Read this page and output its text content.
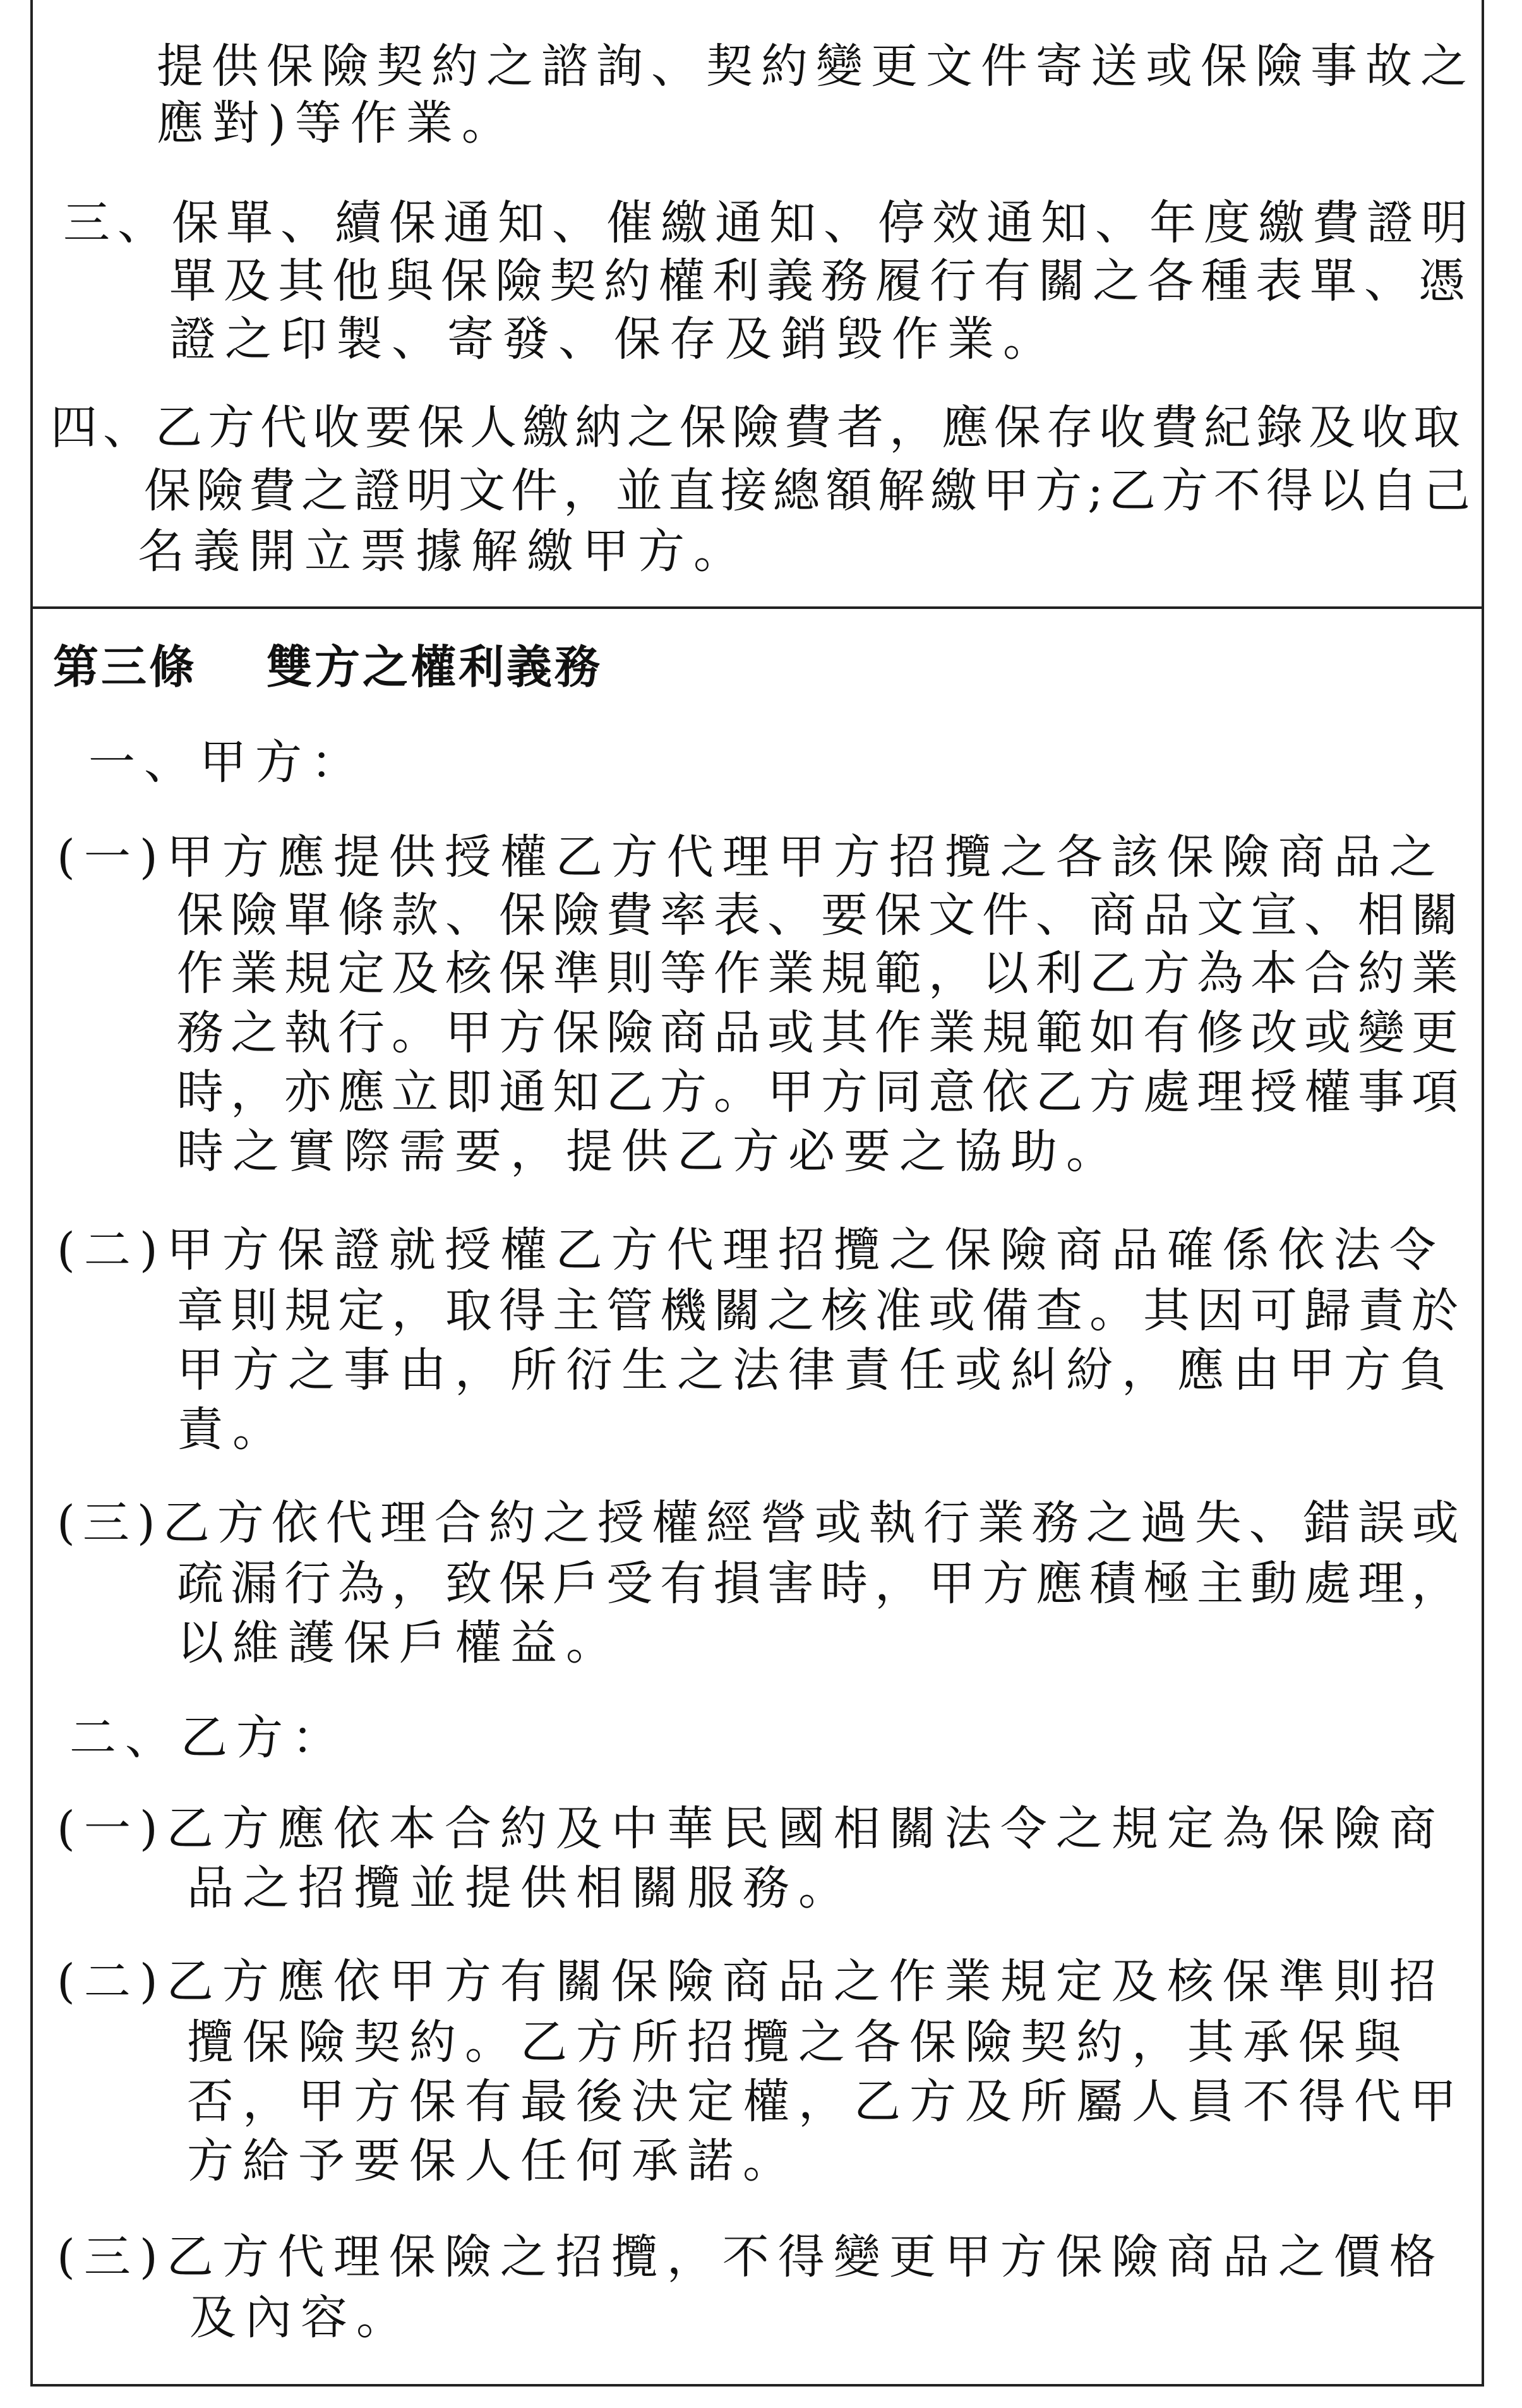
提供保險契約之諮詢、契約變更文件寄送或保險事故之
應對)等作業。
三、保單、續保通知、催繳通知、停效通知、年度繳費證明
單及其他與保險契約權利義務履行有關之各種表單、憑
證之印製、寄發、保存及銷毀作業。
四、乙方代收要保人繳納之保險費者，應保存收費紀錄及收取
保險費之證明文件，並直接總額解繳甲方;乙方不得以自己
名義開立票據解繳甲方。
第三條 雙方之權利義務
一、甲方：
(一)甲方應提供授權乙方代理甲方招攬之各該保險商品之
保險單條款、保險費率表、要保文件、商品文宣、相關
作業規定及核保準則等作業規範，以利乙方為本合約業
務之執行。甲方保險商品或其作業規範如有修改或變更
時，亦應立即通知乙方。甲方同意依乙方處理授權事項
時之實際需要，提供乙方必要之協助。
(二)甲方保證就授權乙方代理招攬之保險商品確係依法令
章則規定，取得主管機關之核准或備查。其因可歸責於
甲方之事由，所衍生之法律責任或糾紛，應由甲方負
責。
(三)乙方依代理合約之授權經營或執行業務之過失、錯誤或
疏漏行為，致保戶受有損害時，甲方應積極主動處理，
以維護保戶權益。
二、乙方：
(一)乙方應依本合約及中華民國相關法令之規定為保險商
品之招攬並提供相關服務。
(二)乙方應依甲方有關保險商品之作業規定及核保準則招
攬保險契約。乙方所招攬之各保險契約，其承保與
否，甲方保有最後決定權，乙方及所屬人員不得代甲
方給予要保人任何承諾。
(三)乙方代理保險之招攬，不得變更甲方保險商品之價格
及內容。
